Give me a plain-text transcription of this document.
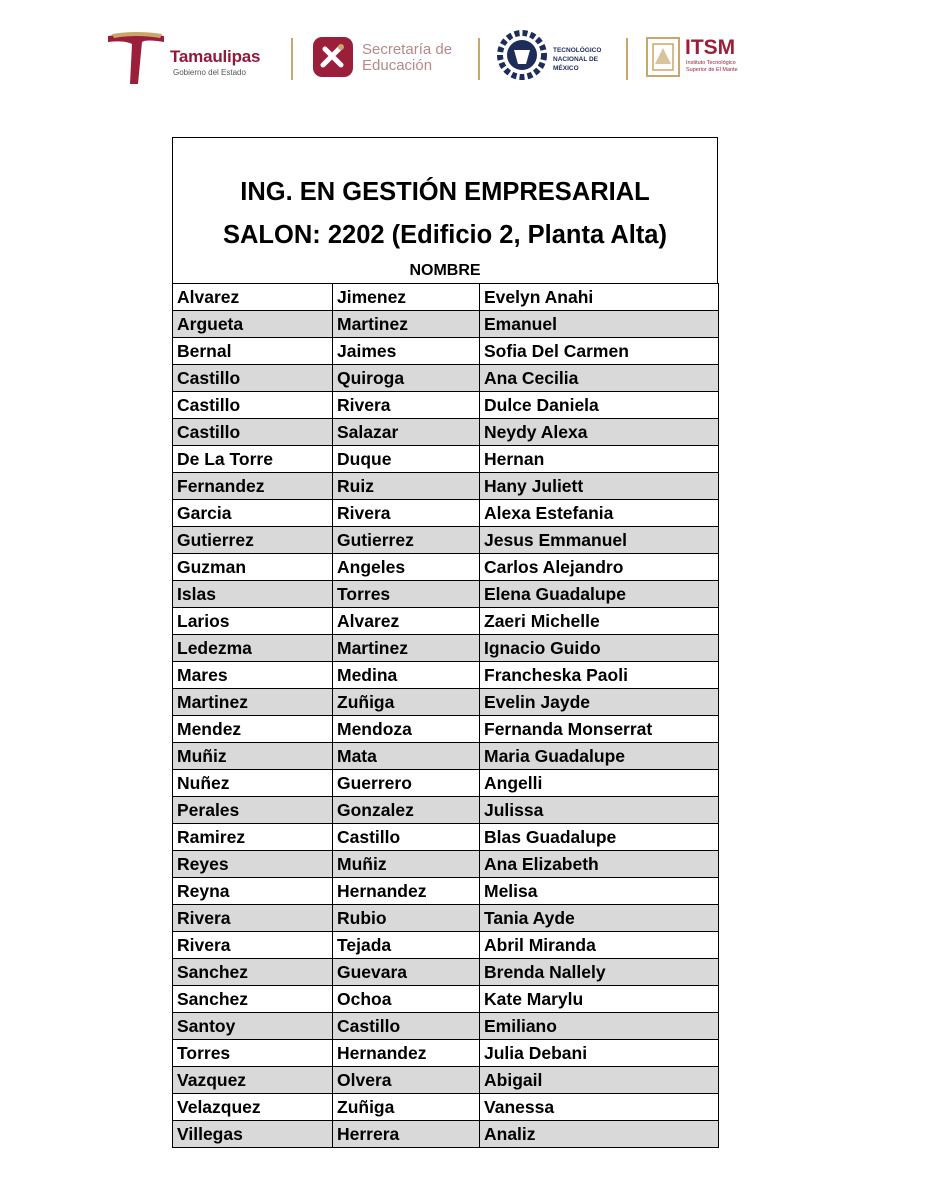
Tamaulipas
Gobierno del Estado
Secretaría de Educación
TECNOLÓGICO NACIONAL DE MÉXICO
ITSM
Instituto Tecnológico Superior de El Mante
ING. EN GESTIÓN EMPRESARIAL
SALON: 2202 (Edificio 2, Planta Alta)
NOMBRE
Alvarez	Jimenez	Evelyn Anahi
Argueta	Martinez	Emanuel
Bernal	Jaimes	Sofia Del Carmen
Castillo	Quiroga	Ana Cecilia
Castillo	Rivera	Dulce Daniela
Castillo	Salazar	Neydy Alexa
De La Torre	Duque	Hernan
Fernandez	Ruiz	Hany Juliett
Garcia	Rivera	Alexa Estefania
Gutierrez	Gutierrez	Jesus Emmanuel
Guzman	Angeles	Carlos Alejandro
Islas	Torres	Elena Guadalupe
Larios	Alvarez	Zaeri Michelle
Ledezma	Martinez	Ignacio Guido
Mares	Medina	Francheska Paoli
Martinez	Zuñiga	Evelin Jayde
Mendez	Mendoza	Fernanda Monserrat
Muñiz	Mata	Maria Guadalupe
Nuñez	Guerrero	Angelli
Perales	Gonzalez	Julissa
Ramirez	Castillo	Blas Guadalupe
Reyes	Muñiz	Ana Elizabeth
Reyna	Hernandez	Melisa
Rivera	Rubio	Tania Ayde
Rivera	Tejada	Abril Miranda
Sanchez	Guevara	Brenda Nallely
Sanchez	Ochoa	Kate Marylu
Santoy	Castillo	Emiliano
Torres	Hernandez	Julia Debani
Vazquez	Olvera	Abigail
Velazquez	Zuñiga	Vanessa
Villegas	Herrera	Analiz
